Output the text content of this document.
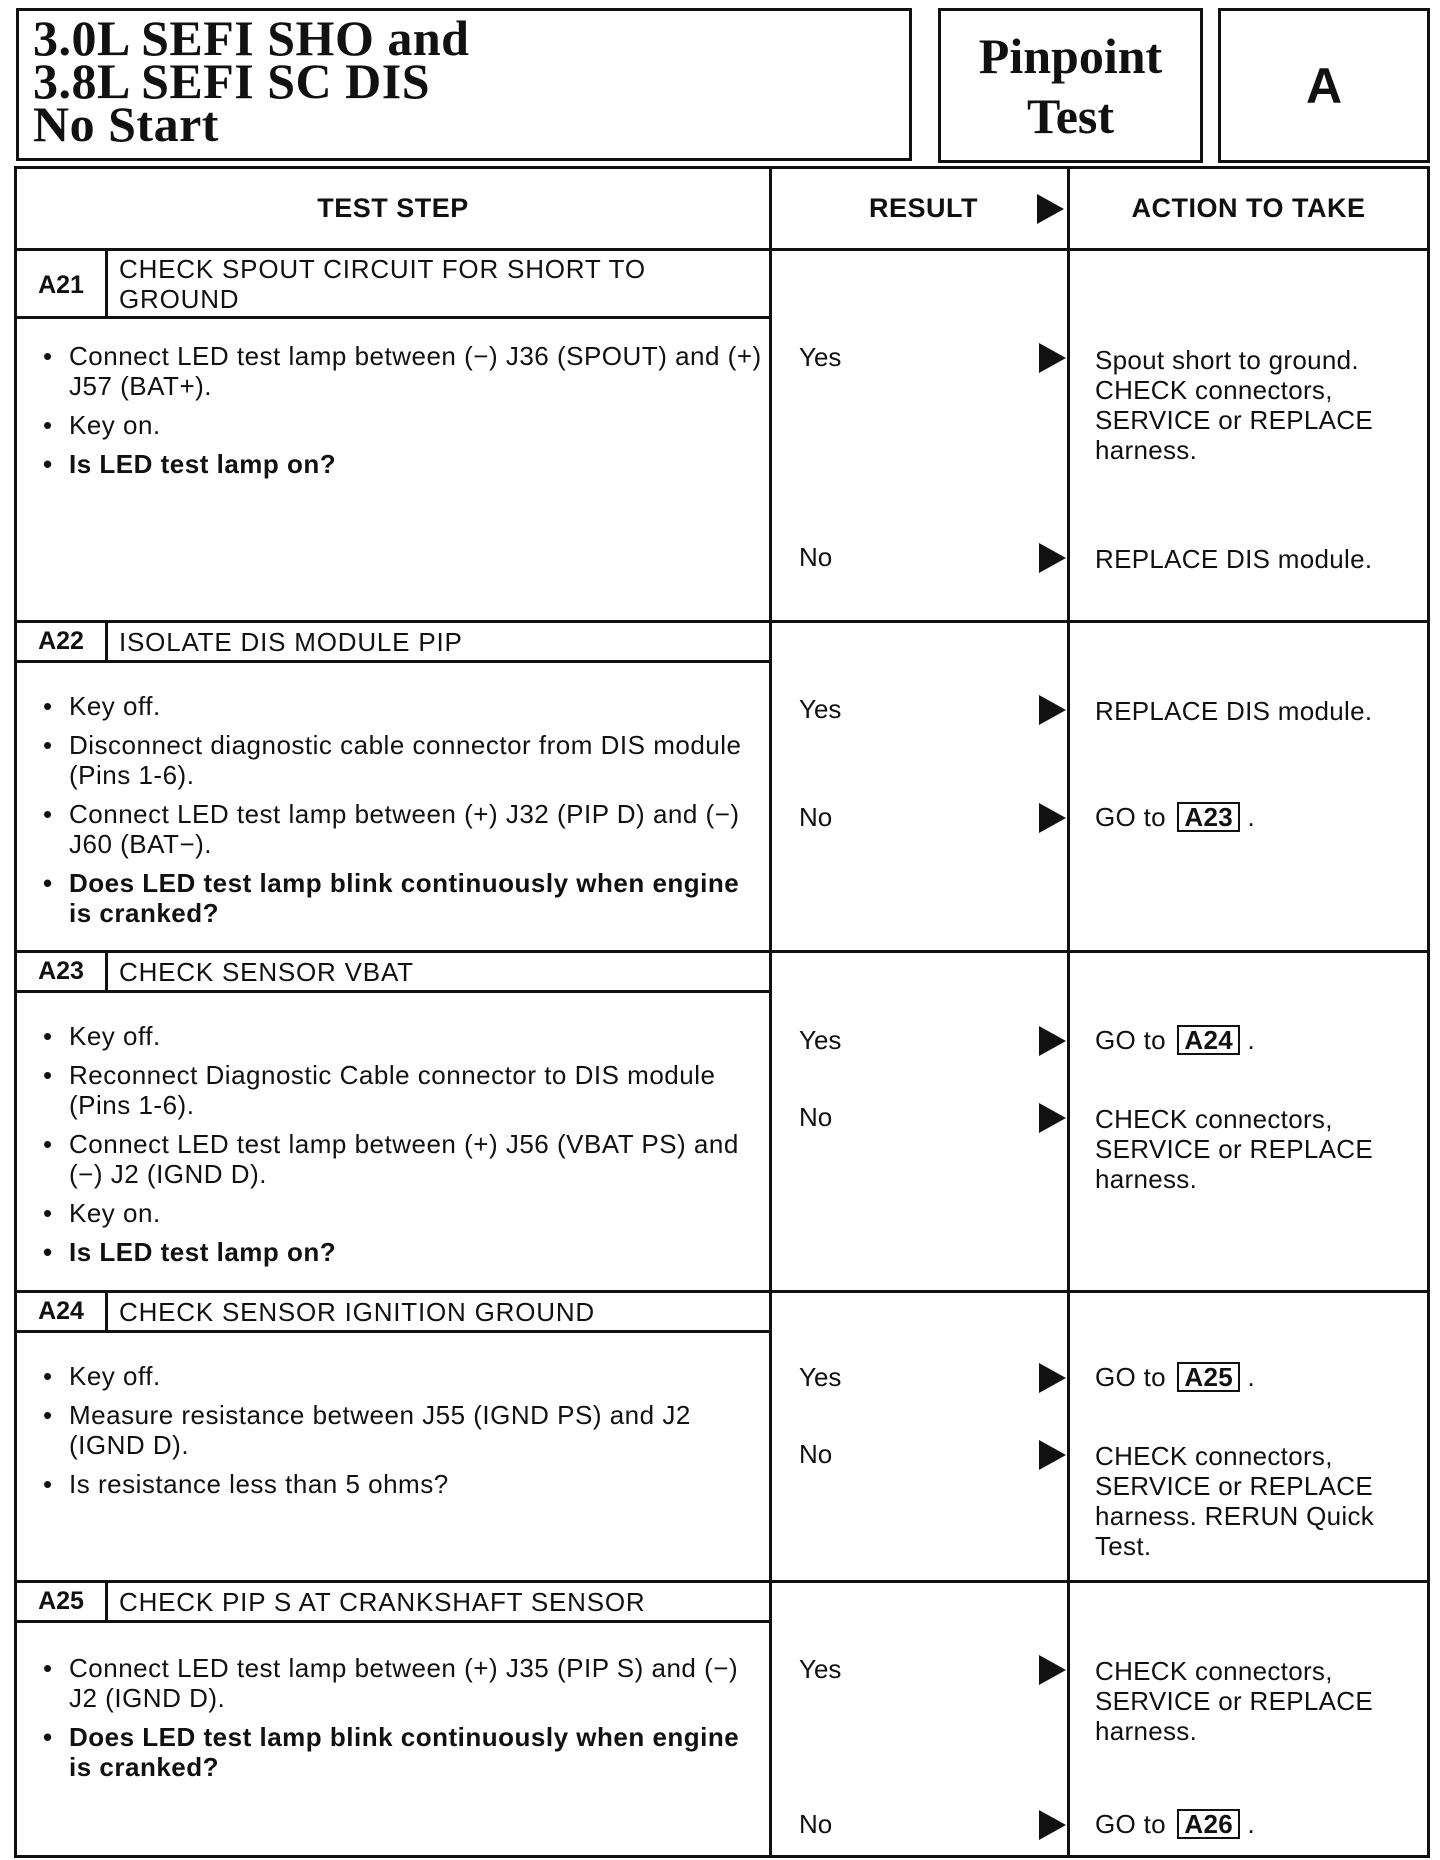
3.0L SEFI SHO and
3.8L SEFI SC DIS
No Start
Pinpoint
Test
A
TEST STEP	RESULT	ACTION TO TAKE
A21
CHECK SPOUT CIRCUIT FOR SHORT TO
GROUND
• Connect LED test lamp between (−) J36 (SPOUT) and (+) J57 (BAT+).
• Key on.
• Is LED test lamp on?
Yes	Spout short to ground.
CHECK connectors,
SERVICE or REPLACE
harness.
No	REPLACE DIS module.
A22	ISOLATE DIS MODULE PIP
• Key off.
• Disconnect diagnostic cable connector from DIS module (Pins 1-6).
• Connect LED test lamp between (+) J32 (PIP D) and (−) J60 (BAT−).
• Does LED test lamp blink continuously when engine is cranked?
Yes	REPLACE DIS module.
No	GO to A23 .
A23	CHECK SENSOR VBAT
• Key off.
• Reconnect Diagnostic Cable connector to DIS module (Pins 1-6).
• Connect LED test lamp between (+) J56 (VBAT PS) and (−) J2 (IGND D).
• Key on.
• Is LED test lamp on?
Yes	GO to A24 .
No	CHECK connectors,
SERVICE or REPLACE
harness.
A24	CHECK SENSOR IGNITION GROUND
• Key off.
• Measure resistance between J55 (IGND PS) and J2 (IGND D).
• Is resistance less than 5 ohms?
Yes	GO to A25 .
No	CHECK connectors,
SERVICE or REPLACE
harness. RERUN Quick
Test.
A25	CHECK PIP S AT CRANKSHAFT SENSOR
• Connect LED test lamp between (+) J35 (PIP S) and (−) J2 (IGND D).
• Does LED test lamp blink continuously when engine is cranked?
Yes	CHECK connectors,
SERVICE or REPLACE
harness.
No	GO to A26 .
